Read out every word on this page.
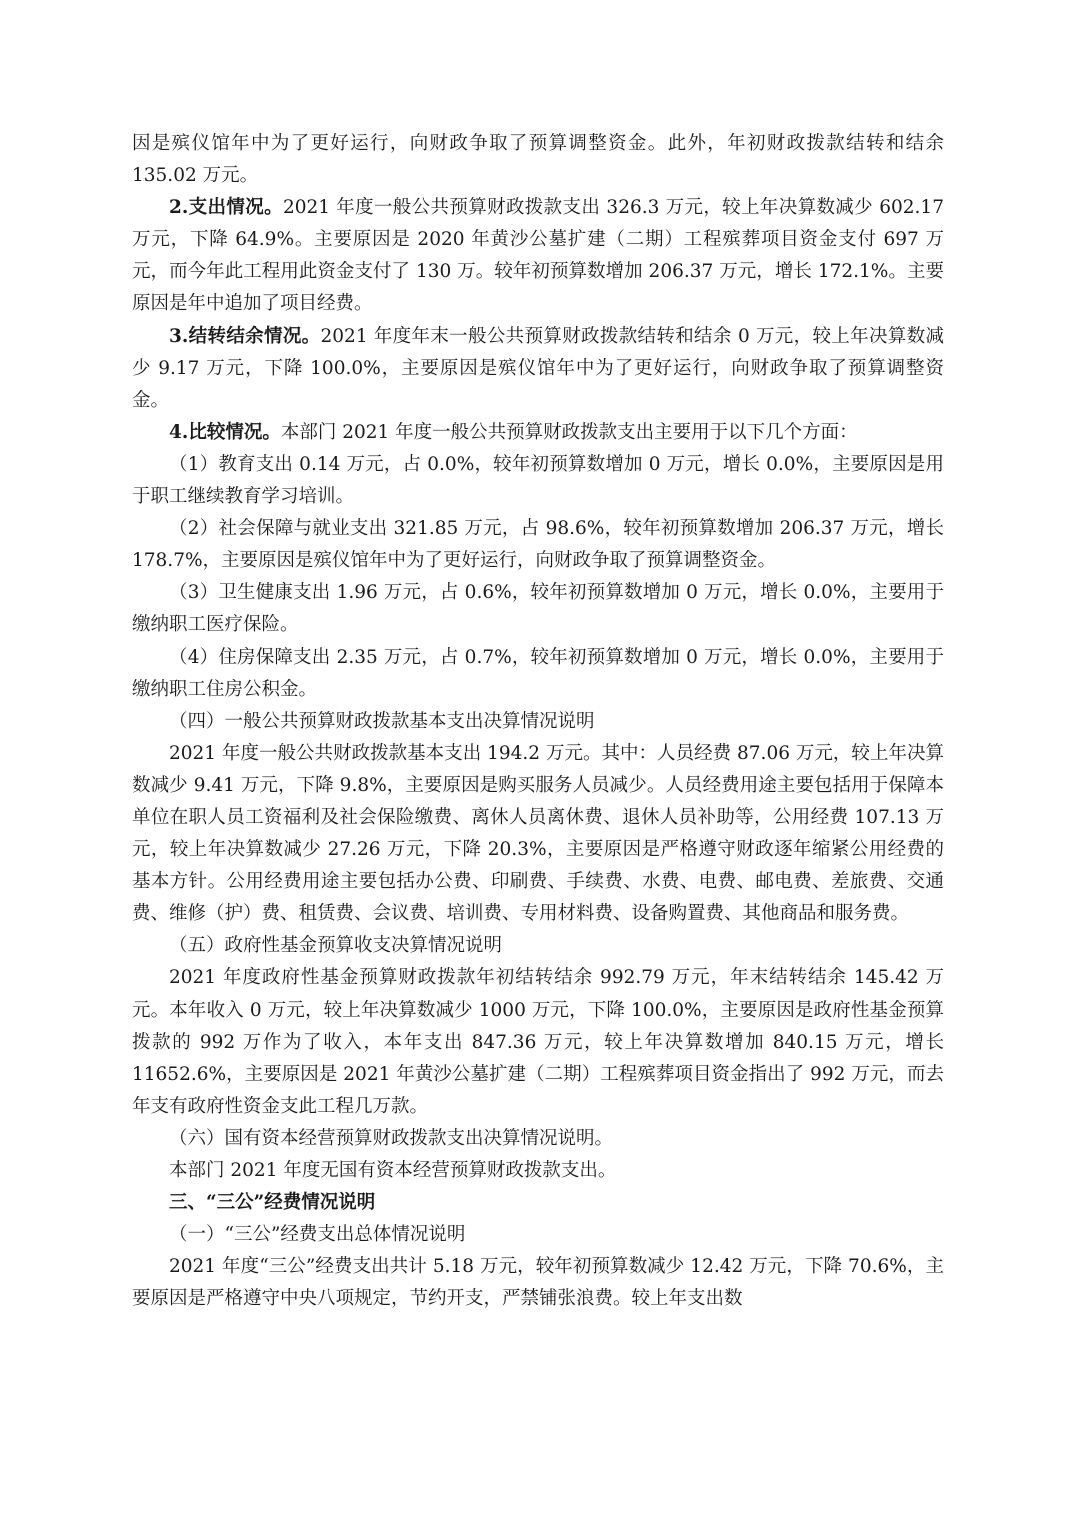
因是殡仪馆年中为了更好运行，向财政争取了预算调整资金。此外，年初财政拨款结转和结余 135.02 万元。

2.支出情况。2021 年度一般公共预算财政拨款支出 326.3 万元，较上年决算数减少 602.17 万元，下降 64.9%。主要原因是 2020 年黄沙公墓扩建（二期）工程殡葬项目资金支付 697 万元，而今年此工程用此资金支付了 130 万。较年初预算数增加 206.37 万元，增长 172.1%。主要原因是年中追加了项目经费。

3.结转结余情况。2021 年度年末一般公共预算财政拨款结转和结余 0 万元，较上年决算数减少 9.17 万元，下降 100.0%，主要原因是殡仪馆年中为了更好运行，向财政争取了预算调整资金。

4.比较情况。本部门 2021 年度一般公共预算财政拨款支出主要用于以下几个方面：

（1）教育支出 0.14 万元，占 0.0%，较年初预算数增加 0 万元，增长 0.0%，主要原因是用于职工继续教育学习培训。

（2）社会保障与就业支出 321.85 万元，占 98.6%，较年初预算数增加 206.37 万元，增长 178.7%，主要原因是殡仪馆年中为了更好运行，向财政争取了预算调整资金。

（3）卫生健康支出 1.96 万元，占 0.6%，较年初预算数增加 0 万元，增长 0.0%，主要用于缴纳职工医疗保险。

（4）住房保障支出 2.35 万元，占 0.7%，较年初预算数增加 0 万元，增长 0.0%，主要用于缴纳职工住房公积金。

（四）一般公共预算财政拨款基本支出决算情况说明

2021 年度一般公共财政拨款基本支出 194.2 万元。其中：人员经费 87.06 万元，较上年决算数减少 9.41 万元，下降 9.8%，主要原因是购买服务人员减少。人员经费用途主要包括用于保障本单位在职人员工资福利及社会保险缴费、离休人员离休费、退休人员补助等，公用经费 107.13 万元，较上年决算数减少 27.26 万元，下降 20.3%，主要原因是严格遵守财政逐年缩紧公用经费的基本方针。公用经费用途主要包括办公费、印刷费、手续费、水费、电费、邮电费、差旅费、交通费、维修（护）费、租赁费、会议费、培训费、专用材料费、设备购置费、其他商品和服务费。

（五）政府性基金预算收支决算情况说明

2021 年度政府性基金预算财政拨款年初结转结余 992.79 万元，年末结转结余 145.42 万元。本年收入 0 万元，较上年决算数减少 1000 万元，下降 100.0%，主要原因是政府性基金预算拨款的 992 万作为了收入，本年支出 847.36 万元，较上年决算数增加 840.15 万元，增长 11652.6%，主要原因是 2021 年黄沙公墓扩建（二期）工程殡葬项目资金指出了 992 万元，而去年支有政府性资金支此工程几万款。

（六）国有资本经营预算财政拨款支出决算情况说明。

本部门 2021 年度无国有资本经营预算财政拨款支出。

三、“三公”经费情况说明

（一）“三公”经费支出总体情况说明

2021 年度“三公”经费支出共计 5.18 万元，较年初预算数减少 12.42 万元，下降 70.6%，主要原因是严格遵守中央八项规定，节约开支，严禁铺张浪费。较上年支出数
